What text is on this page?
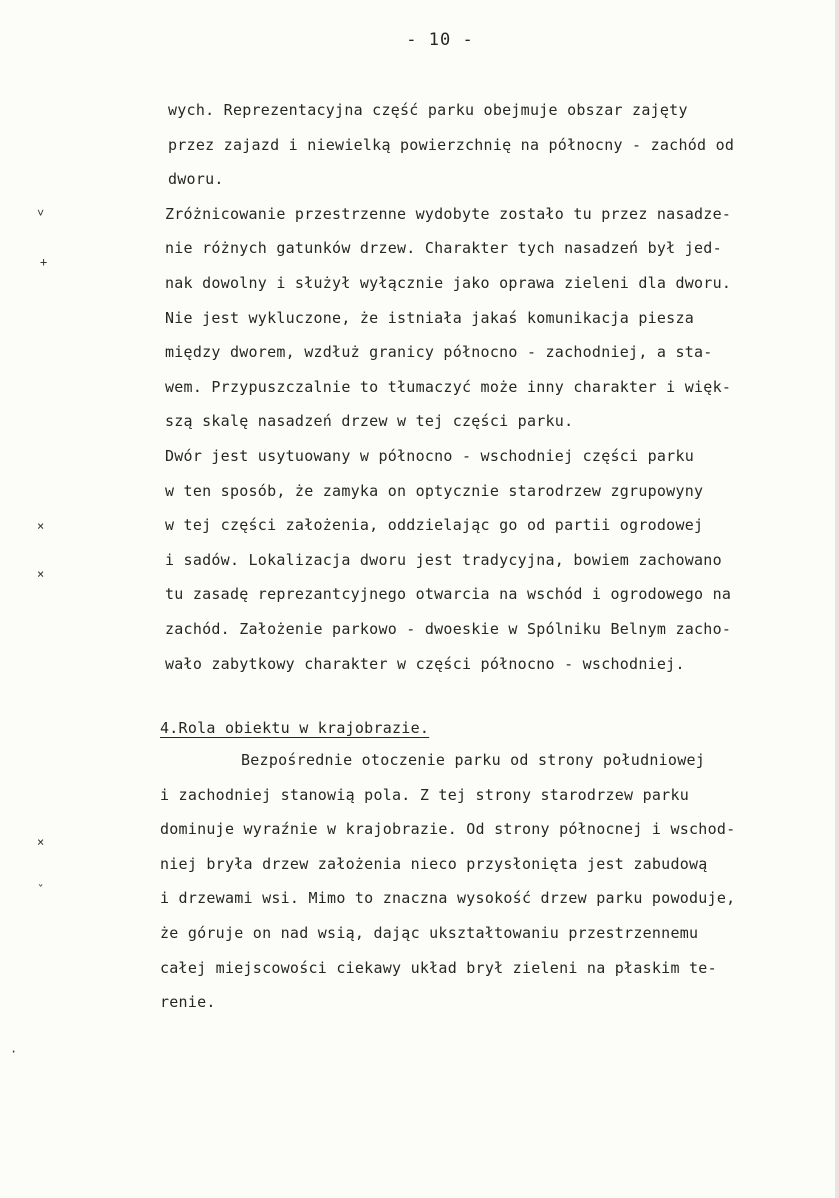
- 10 -
wych. Reprezentacyjna część parku obejmuje obszar zajęty
przez zajazd i niewielką powierzchnię na północny - zachód od
dworu.
Zróżnicowanie przestrzenne wydobyte zostało tu przez nasadze-
nie różnych gatunków drzew. Charakter tych nasadzeń był jed-
nak dowolny i służył wyłącznie jako oprawa zieleni dla dworu.
Nie jest wykluczone, że istniała jakaś komunikacja piesza
między dworem, wzdłuż granicy północno - zachodniej, a sta-
wem. Przypuszczalnie to tłumaczyć może inny charakter i więk-
szą skalę nasadzeń drzew w tej części parku.
Dwór jest usytuowany w północno - wschodniej części parku
w ten sposób, że zamyka on optycznie starodrzew zgrupowyny
w tej części założenia, oddzielając go od partii ogrodowej
i sadów. Lokalizacja dworu jest tradycyjna, bowiem zachowano
tu zasadę reprezantcyjnego otwarcia na wschód i ogrodowego na
zachód. Założenie parkowo - dwoeskie w Spólniku Belnym zacho-
wało zabytkowy charakter w części północno - wschodniej.
4.Rola obiektu w krajobrazie.
Bezpośrednie otoczenie parku od strony południowej
i zachodniej stanowią pola. Z tej strony starodrzew parku
dominuje wyraźnie w krajobrazie. Od strony północnej i wschod-
niej bryła drzew założenia nieco przysłonięta jest zabudową
i drzewami wsi. Mimo to znaczna wysokość drzew parku powoduje,
że góruje on nad wsią, dając ukształtowaniu przestrzennemu
całej miejscowości ciekawy układ brył zieleni na płaskim te-
renie.
˅
+
×
×
×
ˇ
·
